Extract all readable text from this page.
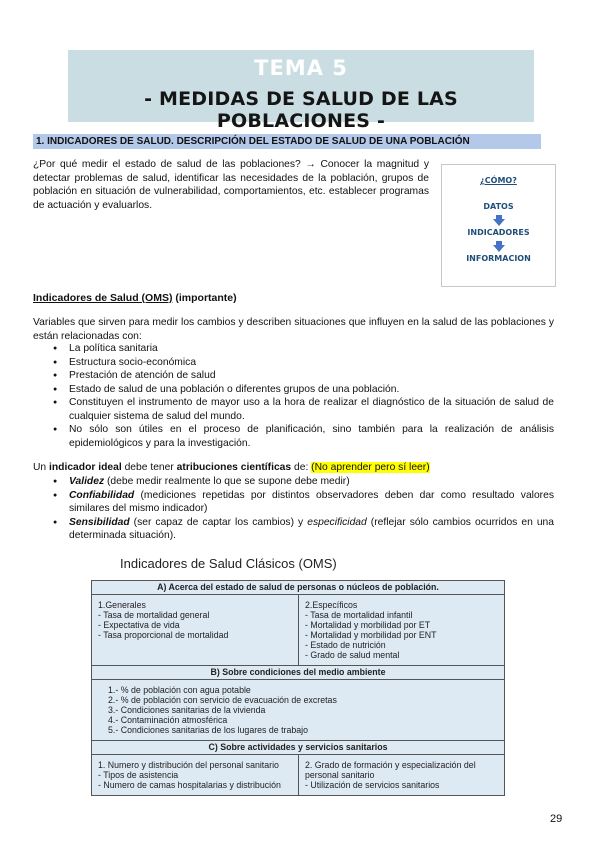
TEMA 5
- MEDIDAS DE SALUD DE LAS POBLACIONES -
1. INDICADORES DE SALUD. DESCRIPCIÓN DEL ESTADO DE SALUD DE UNA POBLACIÓN
¿Por qué medir el estado de salud de las poblaciones? → Conocer la magnitud y detectar problemas de salud, identificar las necesidades de la población, grupos de población en situación de vulnerabilidad, comportamientos, etc. establecer programas de actuación y evaluarlos.
¿CÓMO?
DATOS
INDICADORES
INFORMACION
Indicadores de Salud (OMS) (importante)
Variables que sirven para medir los cambios y describen situaciones que influyen en la salud de las poblaciones y están relacionadas con:
● La política sanitaria
● Estructura socio-económica
● Prestación de atención de salud
● Estado de salud de una población o diferentes grupos de una población.
● Constituyen el instrumento de mayor uso a la hora de realizar el diagnóstico de la situación de salud de cualquier sistema de salud del mundo.
● No sólo son útiles en el proceso de planificación, sino también para la realización de análisis epidemiológicos y para la investigación.
Un indicador ideal debe tener atribuciones científicas de: (No aprender pero sí leer)
● Validez (debe medir realmente lo que se supone debe medir)
● Confiabilidad (mediciones repetidas por distintos observadores deben dar como resultado valores similares del mismo indicador)
● Sensibilidad (ser capaz de captar los cambios) y especificidad (reflejar sólo cambios ocurridos en una determinada situación).
Indicadores de Salud Clásicos (OMS)
A) Acerca del estado de salud de personas o núcleos de población.
1.Generales
- Tasa de mortalidad general
- Expectativa de vida
- Tasa proporcional de mortalidad
2.Específicos
- Tasa de mortalidad infantil
- Mortalidad y morbilidad por ET
- Mortalidad y morbilidad por ENT
- Estado de nutrición
- Grado de salud mental
B) Sobre condiciones del medio ambiente
1.- % de población con agua potable
2.- % de población con servicio de evacuación de excretas
3.- Condiciones sanitarias de la vivienda
4.- Contaminación atmosférica
5.- Condiciones sanitarias de los lugares de trabajo
C) Sobre actividades y servicios sanitarios
1. Numero y distribución del personal sanitario
- Tipos de asistencia
- Numero de camas hospitalarias y distribución
2. Grado de formación y especialización del personal sanitario
- Utilización de servicios sanitarios
29
